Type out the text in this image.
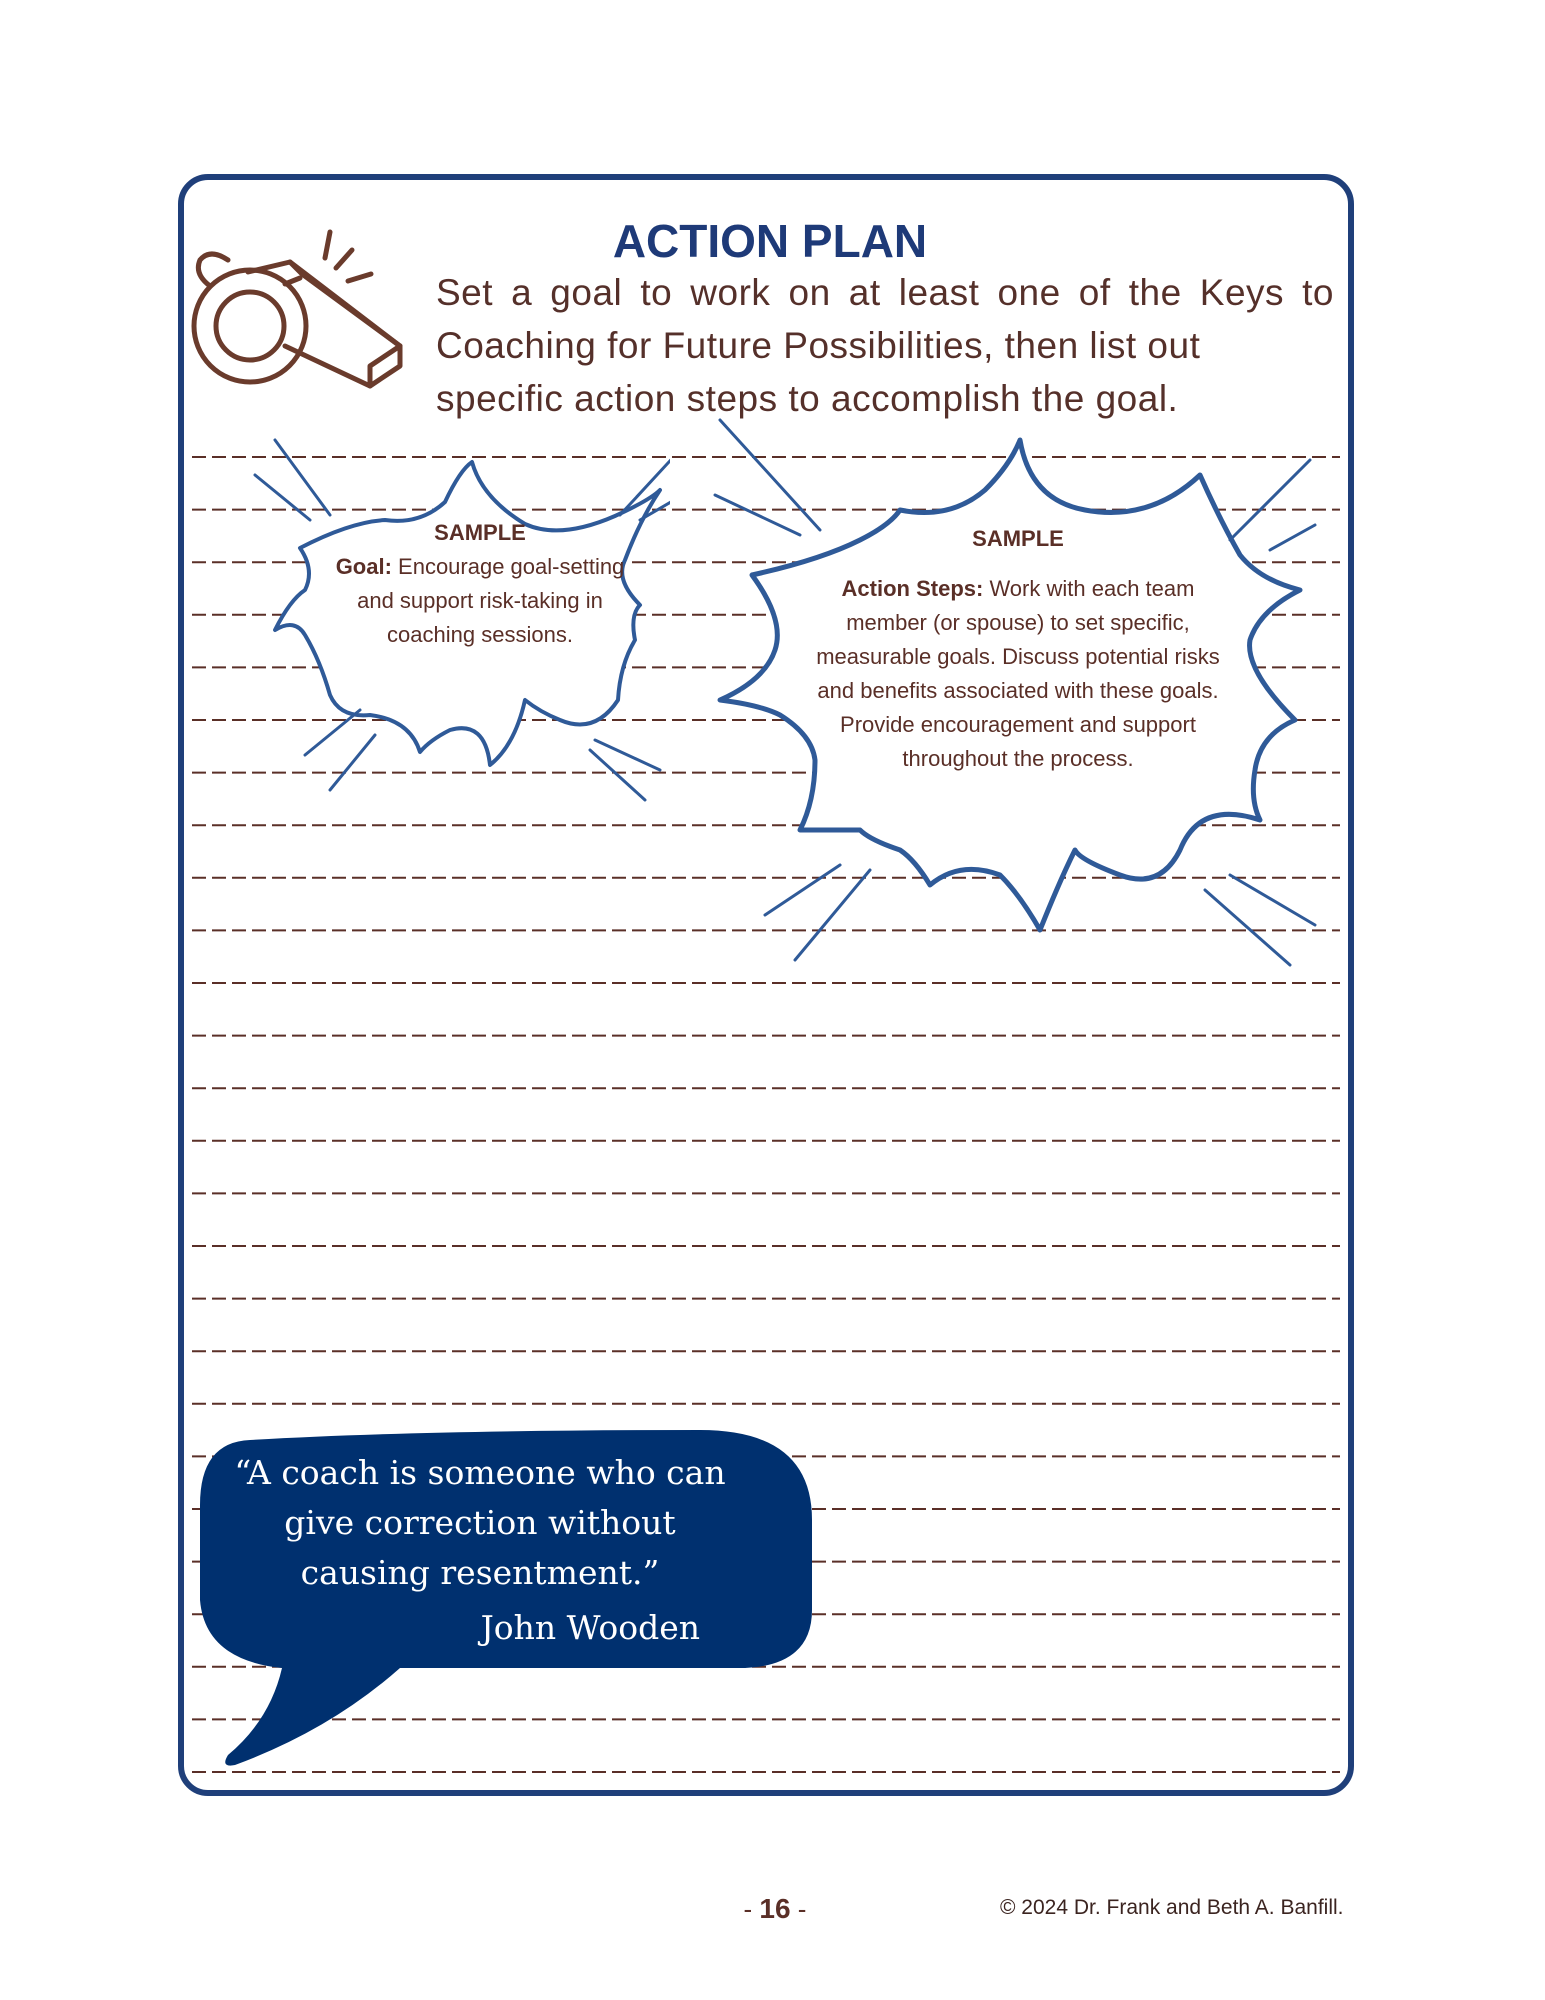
ACTION PLAN

Set a goal to work on at least one of the Keys to Coaching for Future Possibilities, then list out

specific action steps to accomplish the goal.

SAMPLE
Goal: Encourage goal-setting and support risk-taking in coaching sessions.
SAMPLE
Action Steps: Work with each team member (or spouse) to set specific, measurable goals. Discuss potential risks and benefits associated with these goals. Provide encouragement and support throughout the process.
“A coach is someone who can give correction without causing resentment.”
John Wooden
- 16 -	© 2024 Dr. Frank and Beth A. Banfill.
